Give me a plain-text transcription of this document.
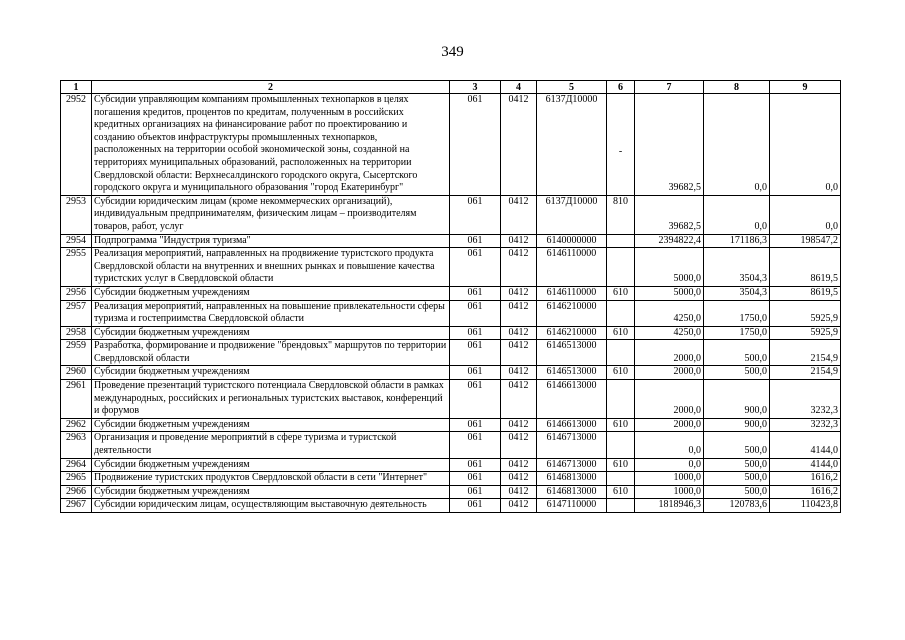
349
1	2	3	4	5	6	7	8	9
2952	Субсидии управляющим компаниям промышленных технопарков в целях погашения кредитов, процентов по кредитам, полученным в российских кредитных организациях на финансирование работ по проектированию и созданию объектов инфраструктуры промышленных технопарков, расположенных на территории особой экономической зоны, созданной на территориях муниципальных образований, расположенных на территории Свердловской области: Верхнесалдинского городского округа, Сысертского городского округа и муниципального образования "город Екатеринбург"	061	0412	6137Д10000	-	39682,5	0,0	0,0
2953	Субсидии юридическим лицам (кроме некоммерческих организаций), индивидуальным предпринимателям, физическим лицам – производителям товаров, работ, услуг	061	0412	6137Д10000	810	39682,5	0,0	0,0
2954	Подпрограмма "Индустрия туризма"	061	0412	6140000000		2394822,4	171186,3	198547,2
2955	Реализация мероприятий, направленных на продвижение туристского продукта Свердловской области на внутренних и внешних рынках и повышение качества туристских услуг в Свердловской области	061	0412	6146110000		5000,0	3504,3	8619,5
2956	Субсидии бюджетным учреждениям	061	0412	6146110000	610	5000,0	3504,3	8619,5
2957	Реализация мероприятий, направленных на повышение привлекательности сферы туризма и гостеприимства Свердловской области	061	0412	6146210000		4250,0	1750,0	5925,9
2958	Субсидии бюджетным учреждениям	061	0412	6146210000	610	4250,0	1750,0	5925,9
2959	Разработка, формирование и продвижение "брендовых" маршрутов по территории Свердловской области	061	0412	6146513000		2000,0	500,0	2154,9
2960	Субсидии бюджетным учреждениям	061	0412	6146513000	610	2000,0	500,0	2154,9
2961	Проведение презентаций туристского потенциала Свердловской области в рамках международных, российских и региональных туристских выставок, конференций и форумов	061	0412	6146613000		2000,0	900,0	3232,3
2962	Субсидии бюджетным учреждениям	061	0412	6146613000	610	2000,0	900,0	3232,3
2963	Организация и проведение мероприятий в сфере туризма и туристской деятельности	061	0412	6146713000		0,0	500,0	4144,0
2964	Субсидии бюджетным учреждениям	061	0412	6146713000	610	0,0	500,0	4144,0
2965	Продвижение туристских продуктов Свердловской области в сети "Интернет"	061	0412	6146813000		1000,0	500,0	1616,2
2966	Субсидии бюджетным учреждениям	061	0412	6146813000	610	1000,0	500,0	1616,2
2967	Субсидии юридическим лицам, осуществляющим выставочную деятельность	061	0412	6147110000		1818946,3	120783,6	110423,8
